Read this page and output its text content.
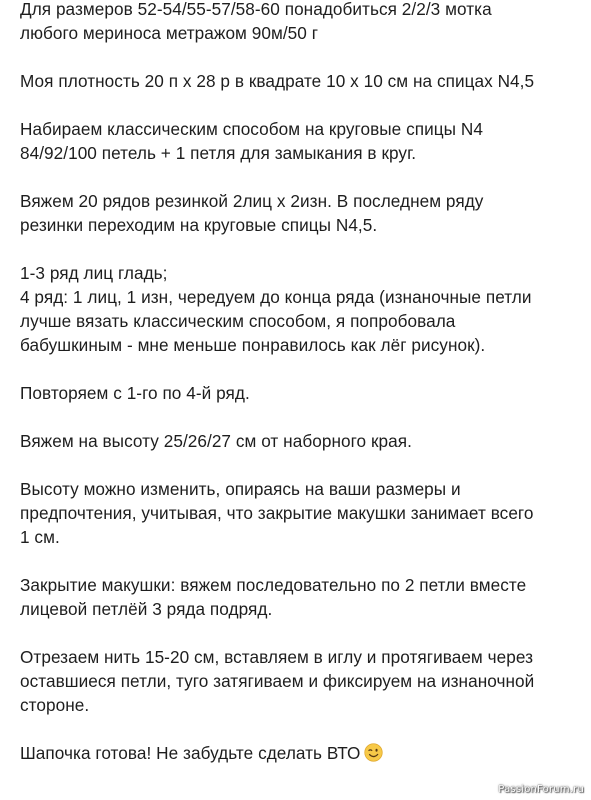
Для размеров 52-54/55-57/58-60 понадобиться 2/2/3 мотка
любого мериноса метражом 90м/50 г

Моя плотность 20 п х 28 р в квадрате 10 х 10 см на спицах N4,5

Набираем классическим способом на круговые спицы N4
84/92/100 петель + 1 петля для замыкания в круг.

Вяжем 20 рядов резинкой 2лиц х 2изн. В последнем ряду
резинки переходим на круговые спицы N4,5.

1-3 ряд лиц гладь;
4 ряд: 1 лиц, 1 изн, чередуем до конца ряда (изнаночные петли
лучше вязать классическим способом, я попробовала
бабушкиным - мне меньше понравилось как лёг рисунок).

Повторяем с 1-го по 4-й ряд.

Вяжем на высоту 25/26/27 см от наборного края.

Высоту можно изменить, опираясь на ваши размеры и
предпочтения, учитывая, что закрытие макушки занимает всего
1 см.

Закрытие макушки: вяжем последовательно по 2 петли вместе
лицевой петлёй 3 ряда подряд.

Отрезаем нить 15-20 см, вставляем в иглу и протягиваем через
оставшиеся петли, туго затягиваем и фиксируем на изнаночной
стороне.

Шапочка готова! Не забудьте сделать ВТО

PassionForum.ru
